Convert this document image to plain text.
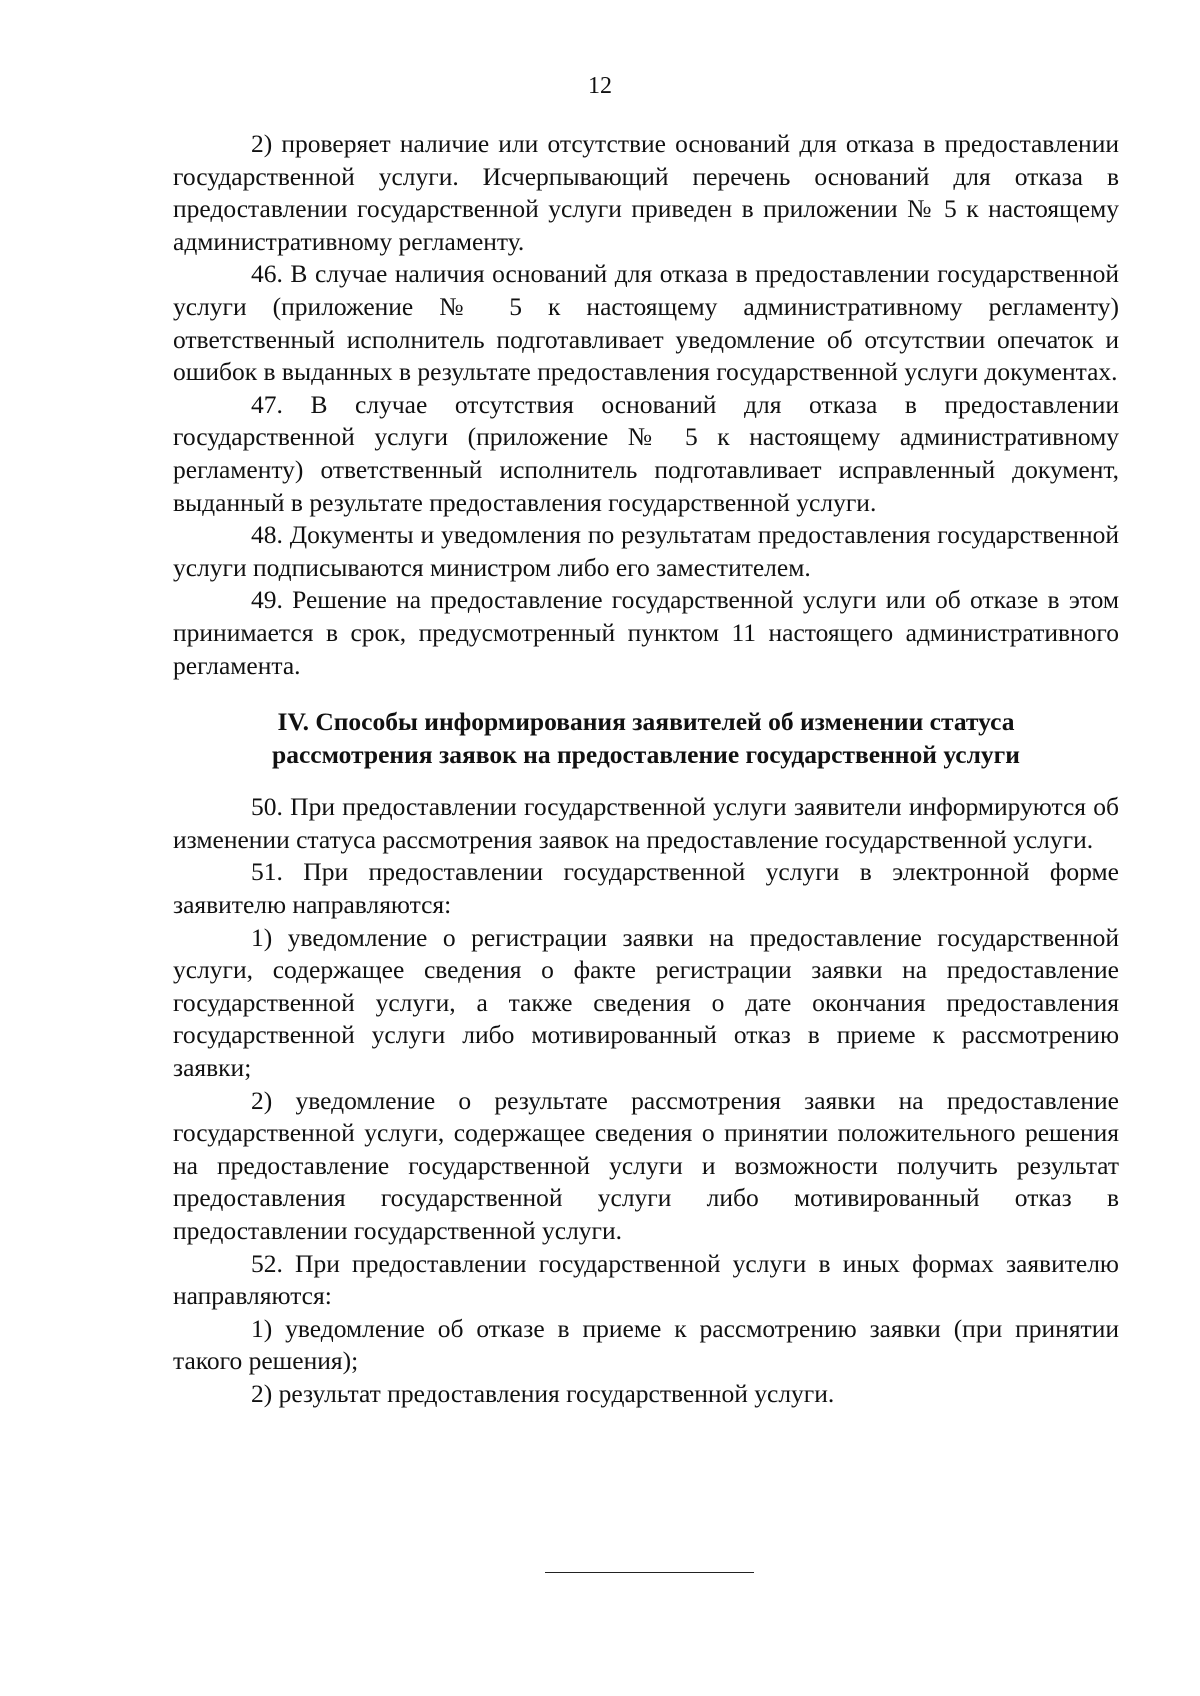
12

2) проверяет наличие или отсутствие оснований для отказа в предоставлении государственной услуги. Исчерпывающий перечень оснований для отказа в предоставлении государственной услуги приведен в приложении № 5 к настоящему административному регламенту.

46. В случае наличия оснований для отказа в предоставлении государственной услуги (приложение № 5 к настоящему административному регламенту) ответственный исполнитель подготавливает уведомление об отсутствии опечаток и ошибок в выданных в результате предоставления государственной услуги документах.

47. В случае отсутствия оснований для отказа в предоставлении государственной услуги (приложение № 5 к настоящему административному регламенту) ответственный исполнитель подготавливает исправленный документ, выданный в результате предоставления государственной услуги.

48. Документы и уведомления по результатам предоставления государственной услуги подписываются министром либо его заместителем.

49. Решение на предоставление государственной услуги или об отказе в этом принимается в срок, предусмотренный пунктом 11 настоящего административного регламента.

IV. Способы информирования заявителей об изменении статуса
рассмотрения заявок на предоставление государственной услуги

50. При предоставлении государственной услуги заявители информируются об изменении статуса рассмотрения заявок на предоставление государственной услуги.

51. При предоставлении государственной услуги в электронной форме заявителю направляются:

1) уведомление о регистрации заявки на предоставление государственной услуги, содержащее сведения о факте регистрации заявки на предоставление государственной услуги, а также сведения о дате окончания предоставления государственной услуги либо мотивированный отказ в приеме к рассмотрению заявки;

2) уведомление о результате рассмотрения заявки на предоставление государственной услуги, содержащее сведения о принятии положительного решения на предоставление государственной услуги и возможности получить результат предоставления государственной услуги либо мотивированный отказ в предоставлении государственной услуги.

52. При предоставлении государственной услуги в иных формах заявителю направляются:

1) уведомление об отказе в приеме к рассмотрению заявки (при принятии такого решения);

2) результат предоставления государственной услуги.
